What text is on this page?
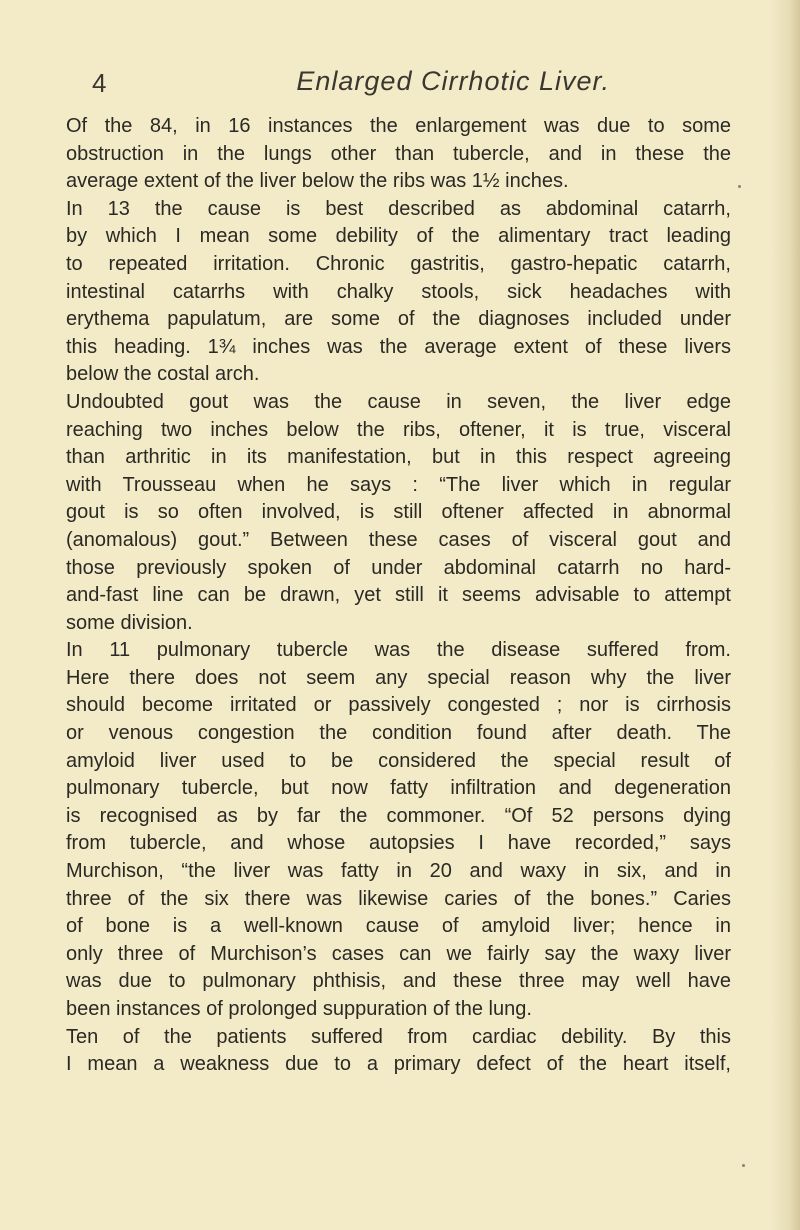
4	Enlarged Cirrhotic Liver.
Of the 84, in 16 instances the enlargement was due to some
obstruction in the lungs other than tubercle, and in these the
average extent of the liver below the ribs was 1½ inches.
In 13 the cause is best described as abdominal catarrh,
by which I mean some debility of the alimentary tract leading
to repeated irritation. Chronic gastritis, gastro-hepatic catarrh,
intestinal catarrhs with chalky stools, sick headaches with
erythema papulatum, are some of the diagnoses included under
this heading. 1¾ inches was the average extent of these livers
below the costal arch.
Undoubted gout was the cause in seven, the liver edge
reaching two inches below the ribs, oftener, it is true, visceral
than arthritic in its manifestation, but in this respect agreeing
with Trousseau when he says : “The liver which in regular
gout is so often involved, is still oftener affected in abnormal
(anomalous) gout.” Between these cases of visceral gout and
those previously spoken of under abdominal catarrh no hard-
and-fast line can be drawn, yet still it seems advisable to attempt
some division.
In 11 pulmonary tubercle was the disease suffered from.
Here there does not seem any special reason why the liver
should become irritated or passively congested ; nor is cirrhosis
or venous congestion the condition found after death. The
amyloid liver used to be considered the special result of
pulmonary tubercle, but now fatty infiltration and degeneration
is recognised as by far the commoner. “Of 52 persons dying
from tubercle, and whose autopsies I have recorded,” says
Murchison, “the liver was fatty in 20 and waxy in six, and in
three of the six there was likewise caries of the bones.” Caries
of bone is a well-known cause of amyloid liver; hence in
only three of Murchison’s cases can we fairly say the waxy liver
was due to pulmonary phthisis, and these three may well have
been instances of prolonged suppuration of the lung.
Ten of the patients suffered from cardiac debility. By this
I mean a weakness due to a primary defect of the heart itself,
